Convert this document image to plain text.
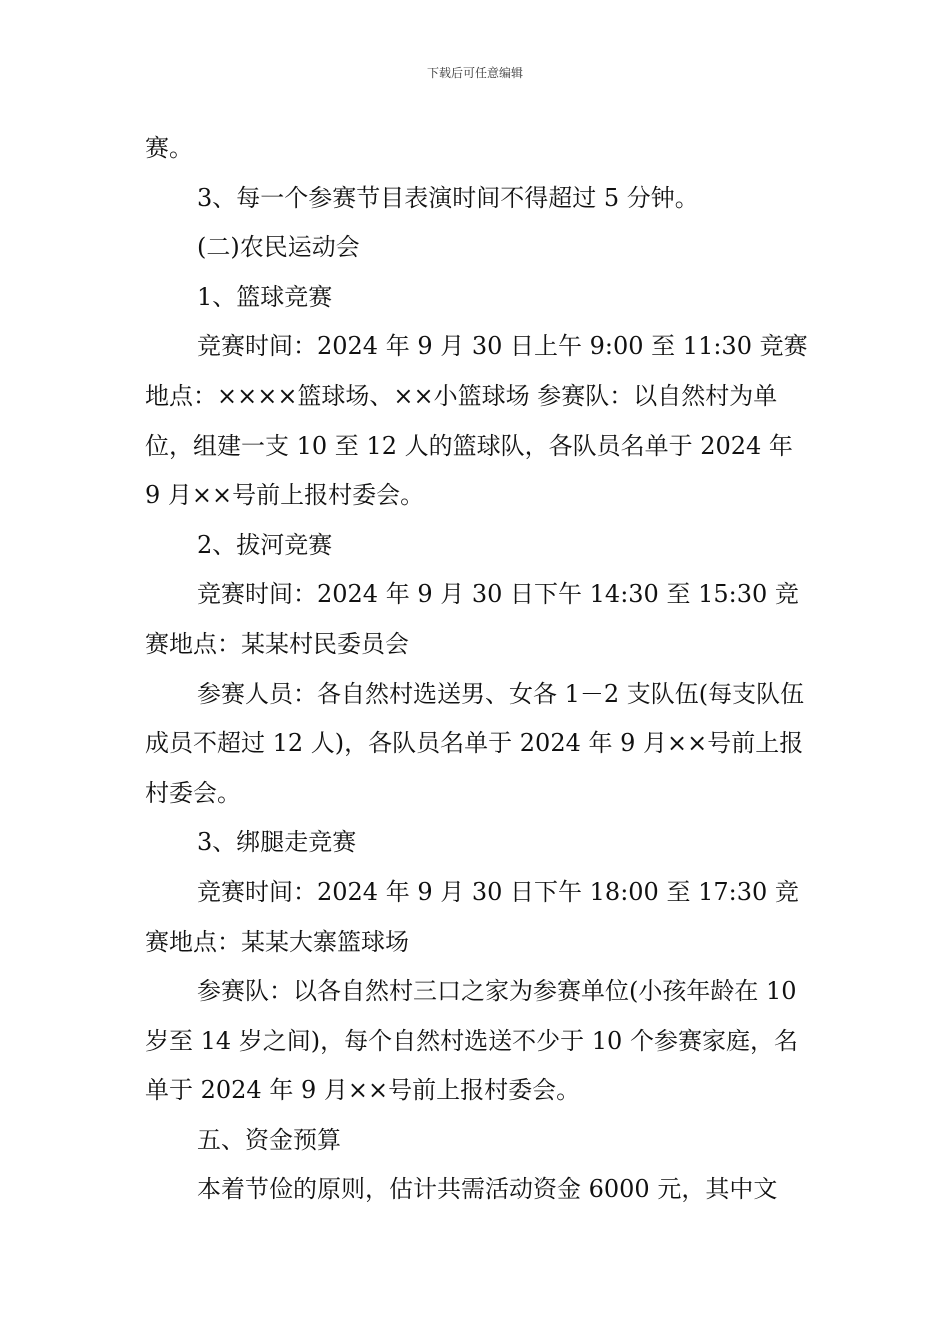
下载后可任意编辑

赛。

3、每一个参赛节目表演时间不得超过 5 分钟。

(二)农民运动会

1、篮球竞赛

竞赛时间：2024 年 9 月 30 日上午 9:00 至 11:30 竞赛地点：××××篮球场、××小篮球场 参赛队：以自然村为单位，组建一支 10 至 12 人的篮球队，各队员名单于 2024 年 9 月××号前上报村委会。

2、拔河竞赛

竞赛时间：2024 年 9 月 30 日下午 14:30 至 15:30 竞赛地点：某某村民委员会

参赛人员：各自然村选送男、女各 1－2 支队伍(每支队伍成员不超过 12 人)，各队员名单于 2024 年 9 月××号前上报村委会。

3、绑腿走竞赛

竞赛时间：2024 年 9 月 30 日下午 18:00 至 17:30 竞赛地点：某某大寨篮球场

参赛队：以各自然村三口之家为参赛单位(小孩年龄在 10 岁至 14 岁之间)，每个自然村选送不少于 10 个参赛家庭，名单于 2024 年 9 月××号前上报村委会。

五、资金预算

本着节俭的原则，估计共需活动资金 6000 元，其中文
